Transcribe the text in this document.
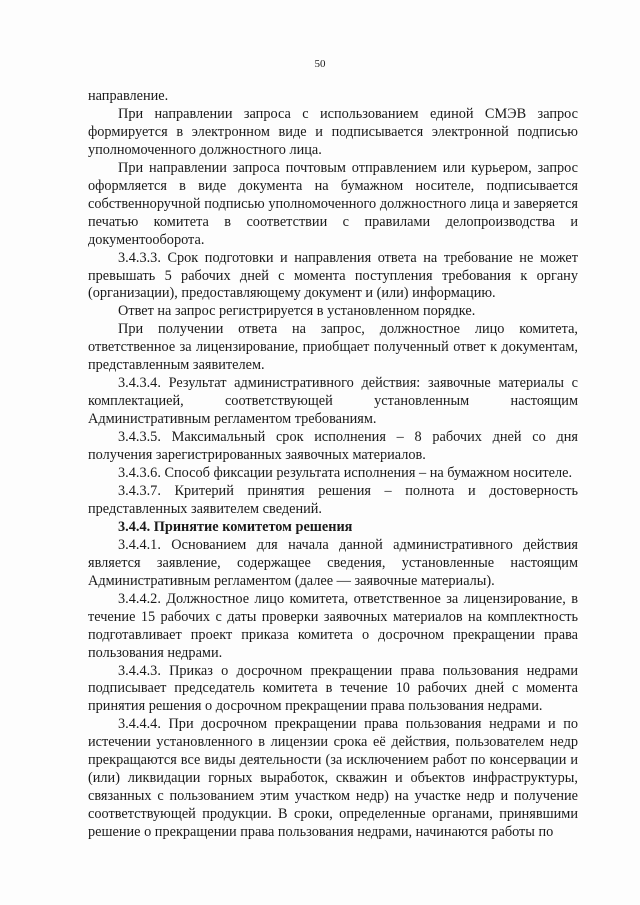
50

направление.

При направлении запроса с использованием единой СМЭВ запрос формируется в электронном виде и подписывается электронной подписью уполномоченного должностного лица.

При направлении запроса почтовым отправлением или курьером, запрос оформляется в виде документа на бумажном носителе, подписывается собственноручной подписью уполномоченного должностного лица и заверяется печатью комитета в соответствии с правилами делопроизводства и документооборота.

3.4.3.3. Срок подготовки и направления ответа на требование не может превышать 5 рабочих дней с момента поступления требования к органу (организации), предоставляющему документ и (или) информацию.

Ответ на запрос регистрируется в установленном порядке.

При получении ответа на запрос, должностное лицо комитета, ответственное за лицензирование, приобщает полученный ответ к документам, представленным заявителем.

3.4.3.4. Результат административного действия: заявочные материалы с комплектацией, соответствующей установленным настоящим Административным регламентом требованиям.

3.4.3.5. Максимальный срок исполнения – 8 рабочих дней со дня получения зарегистрированных заявочных материалов.

3.4.3.6. Способ фиксации результата исполнения – на бумажном носителе.

3.4.3.7. Критерий принятия решения – полнота и достоверность представленных заявителем сведений.

3.4.4. Принятие комитетом решения

3.4.4.1. Основанием для начала данной административного действия является заявление, содержащее сведения, установленные настоящим Административным регламентом (далее — заявочные материалы).

3.4.4.2. Должностное лицо комитета, ответственное за лицензирование, в течение 15 рабочих с даты проверки заявочных материалов на комплектность подготавливает проект приказа комитета о досрочном прекращении права пользования недрами.

3.4.4.3. Приказ о досрочном прекращении права пользования недрами подписывает председатель комитета в течение 10 рабочих дней с момента принятия решения о досрочном прекращении права пользования недрами.

3.4.4.4. При досрочном прекращении права пользования недрами и по истечении установленного в лицензии срока её действия, пользователем недр прекращаются все виды деятельности (за исключением работ по консервации и (или) ликвидации горных выработок, скважин и объектов инфраструктуры, связанных с пользованием этим участком недр) на участке недр и получение соответствующей продукции. В сроки, определенные органами, принявшими решение о прекращении права пользования недрами, начинаются работы по
